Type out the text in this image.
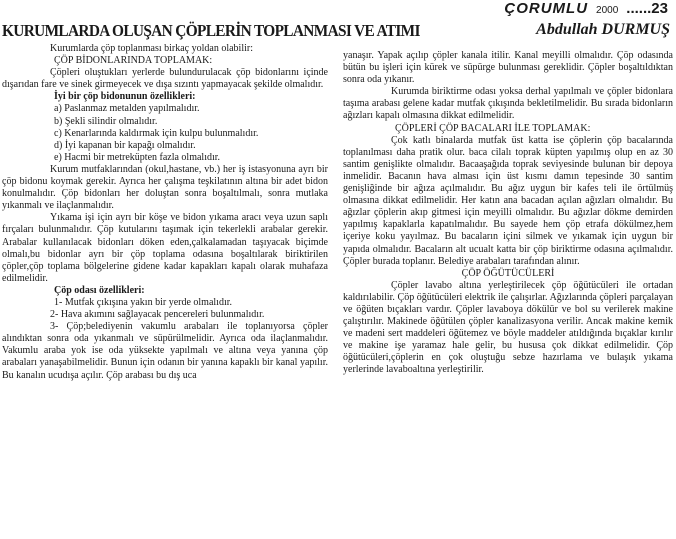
ÇORUMLU 2000 ......23
KURUMLARDA OLUŞAN ÇÖPLERİN TOPLANMASI VE ATIMI	Abdullah DURMUŞ

Kurumlarda çöp toplanması birkaç yoldan olabilir:

ÇÖP BİDONLARINDA TOPLAMAK:

Çöpleri oluştukları yerlerde bulundurulacak çöp bidonlarını içinde dışarıdan fare ve sinek girmeyecek ve dışa sızıntı yapmayacak şekilde olmalıdır.

İyi bir çöp bidonunun özellikleri:

a) Paslanmaz metalden yapılmalıdır.

b) Şekli silindir olmalıdır.

c) Kenarlarında kaldırmak için kulpu bulunmalıdır.

d) İyi kapanan bir kapağı olmalıdır.

e) Hacmi bir metreküpten fazla olmalıdır.

Kurum mutfaklarından (okul,hastane, vb.) her iş istasyonuna ayrı bir çöp bidonu koymak gerekir. Ayrıca her çalışma teşkilatının altına bir adet bidon konulmalıdır. Çöp bidonları her doluştan sonra boşaltılmalı, sonra mutlaka yıkanmalı ve ilaçlanmalıdır.

Yıkama işi için ayrı bir köşe ve bidon yıkama aracı veya uzun saplı fırçaları bulunmalıdır. Çöp kutularını taşımak için tekerlekli arabalar gerekir. Arabalar kullanılacak bidonları döken eden,çalkalamadan taşıyacak biçimde olmalı,bu bidonlar ayrı bir çöp toplama odasına boşaltılarak biriktirilen çöpler,çöp toplama bölgelerine gidene kadar kapakları kapalı olarak muhafaza edilmelidir.

Çöp odası özellikleri:

1- Mutfak çıkışına yakın bir yerde olmalıdır.

2- Hava akımını sağlayacak pencereleri bulunmalıdır.

3- Çöp;belediyenin vakumlu arabaları ile toplanıyorsa çöpler alındıktan sonra oda yıkanmalı ve süpürülmelidir. Ayrıca oda ilaçlanmalıdır. Vakumlu araba yok ise oda yüksekte yapılmalı ve altına veya yanına çöp arabaları yanaşabilmelidir. Bunun için odanın bir yanına kapaklı bir kanal yapılır. Bu kanalın ucudışa açılır. Çöp arabası bu dış uca

yanaşır. Yapak açılıp çöpler kanala itilir. Kanal meyilli olmalıdır. Çöp odasında bütün bu işleri için kürek ve süpürge bulunması gereklidir. Çöpler boşaltıldıktan sonra oda yıkanır.

Kurumda biriktirme odası yoksa derhal yapılmalı ve çöpler bidonlara taşıma arabası gelene kadar mutfak çıkışında bekletilmelidir. Bu sırada bidonların ağızları kapalı olmasına dikkat edilmelidir.

ÇÖPLERİ ÇÖP BACALARI İLE TOPLAMAK:

Çok katlı binalarda mutfak üst katta ise çöplerin çöp bacalarında toplanılması daha pratik olur. baca cilalı toprak küpten yapılmış olup en az 30 santim genişlikte olmalıdır. Bacaaşağıda toprak seviyesinde bulunan bir depoya inmelidir. Bacanın hava alması için üst kısmı damın tepesinde 30 santim genişliğinde bir ağıza açılmalıdır. Bu ağız uygun bir kafes teli ile örtülmüş olmasına dikkat edilmelidir. Her katın ana bacadan açılan ağızları olmalıdır. Bu ağızlar çöplerin akıp gitmesi için meyilli olmalıdır. Bu ağızlar dökme demirden yapılmış kapaklarla kapatılmalıdır. Bu sayede hem çöp etrafa dökülmez,hem içeriye koku yayılmaz. Bu bacaların içini silmek ve yıkamak için uygun bir yapıda olmalıdır. Bacaların alt ucualt katta bir çöp biriktirme odasına açılmalıdır. Çöpler burada toplanır. Belediye arabaları tarafından alınır.

ÇÖP ÖĞÜTÜCÜLERİ

Çöpler lavabo altına yerleştirilecek çöp öğütücüleri ile ortadan kaldırılabilir. Çöp öğütücüleri elektrik ile çalışırlar. Ağızlarında çöpleri parçalayan ve öğüten bıçakları vardır. Çöpler lavaboya dökülür ve bol su verilerek makine çalıştırılır. Makinede öğütülen çöpler kanalizasyona verilir. Ancak makine kemik ve madeni sert maddeleri öğütemez ve böyle maddeler atıldığında bıçaklar kırılır ve makine işe yaramaz hale gelir, bu hususa çok dikkat edilmelidir. Çöp öğütücüleri,çöplerin en çok oluştuğu sebze hazırlama ve bulaşık yıkama yerlerinde lavaboaltına yerleştirilir.
